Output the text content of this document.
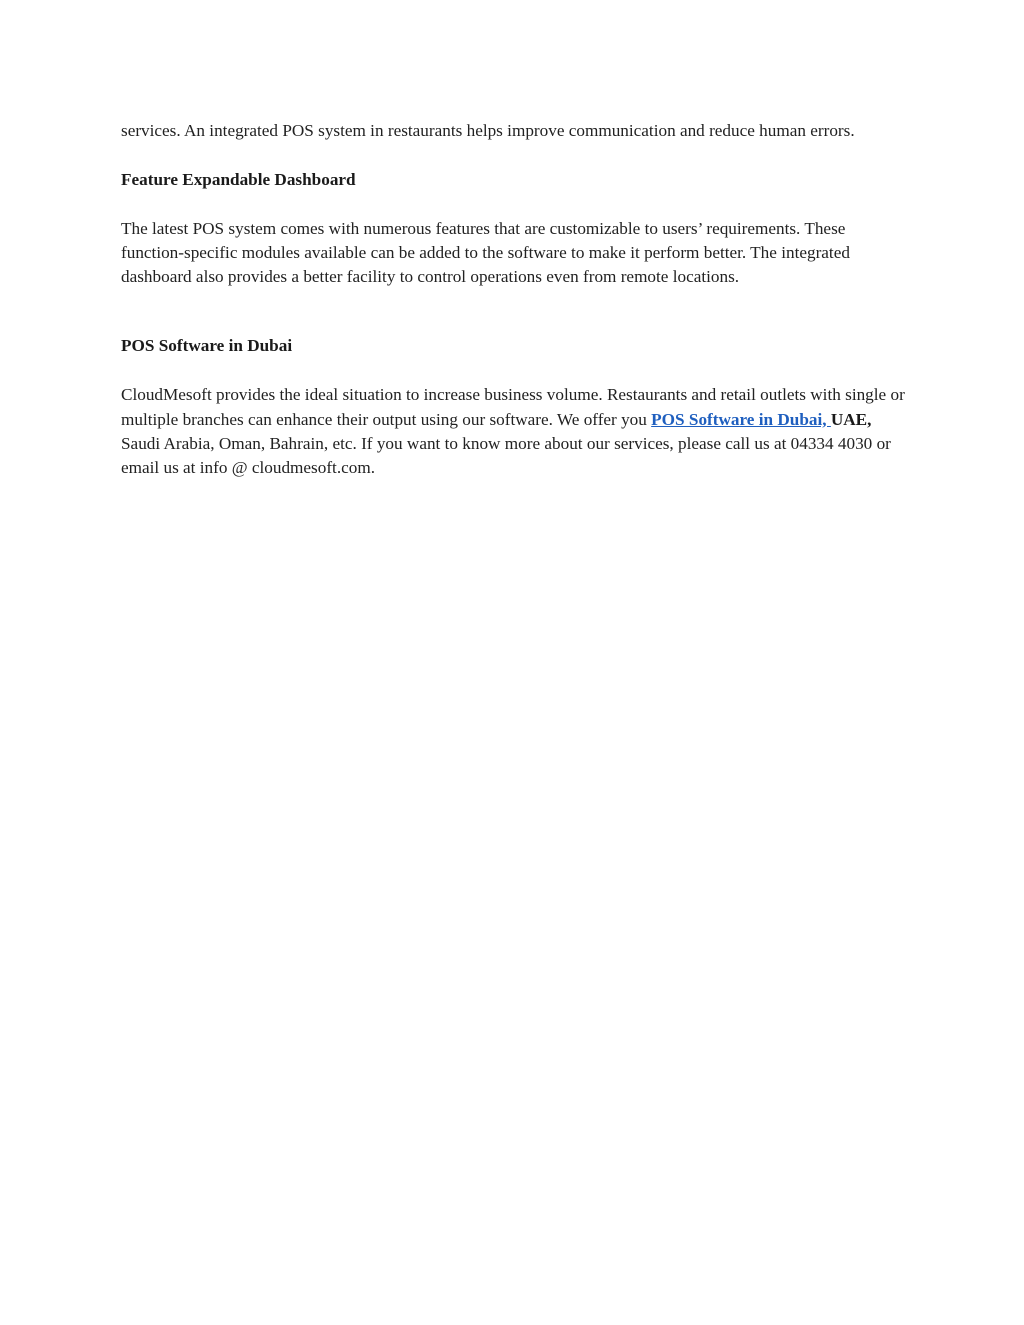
services. An integrated POS system in restaurants helps improve communication and reduce human errors.

Feature Expandable Dashboard

The latest POS system comes with numerous features that are customizable to users’ requirements. These function-specific modules available can be added to the software to make it perform better. The integrated dashboard also provides a better facility to control operations even from remote locations.

POS Software in Dubai

CloudMesoft provides the ideal situation to increase business volume. Restaurants and retail outlets with single or multiple branches can enhance their output using our software. We offer you POS Software in Dubai, UAE, Saudi Arabia, Oman, Bahrain, etc. If you want to know more about our services, please call us at 04334 4030 or email us at info @ cloudmesoft.com.
